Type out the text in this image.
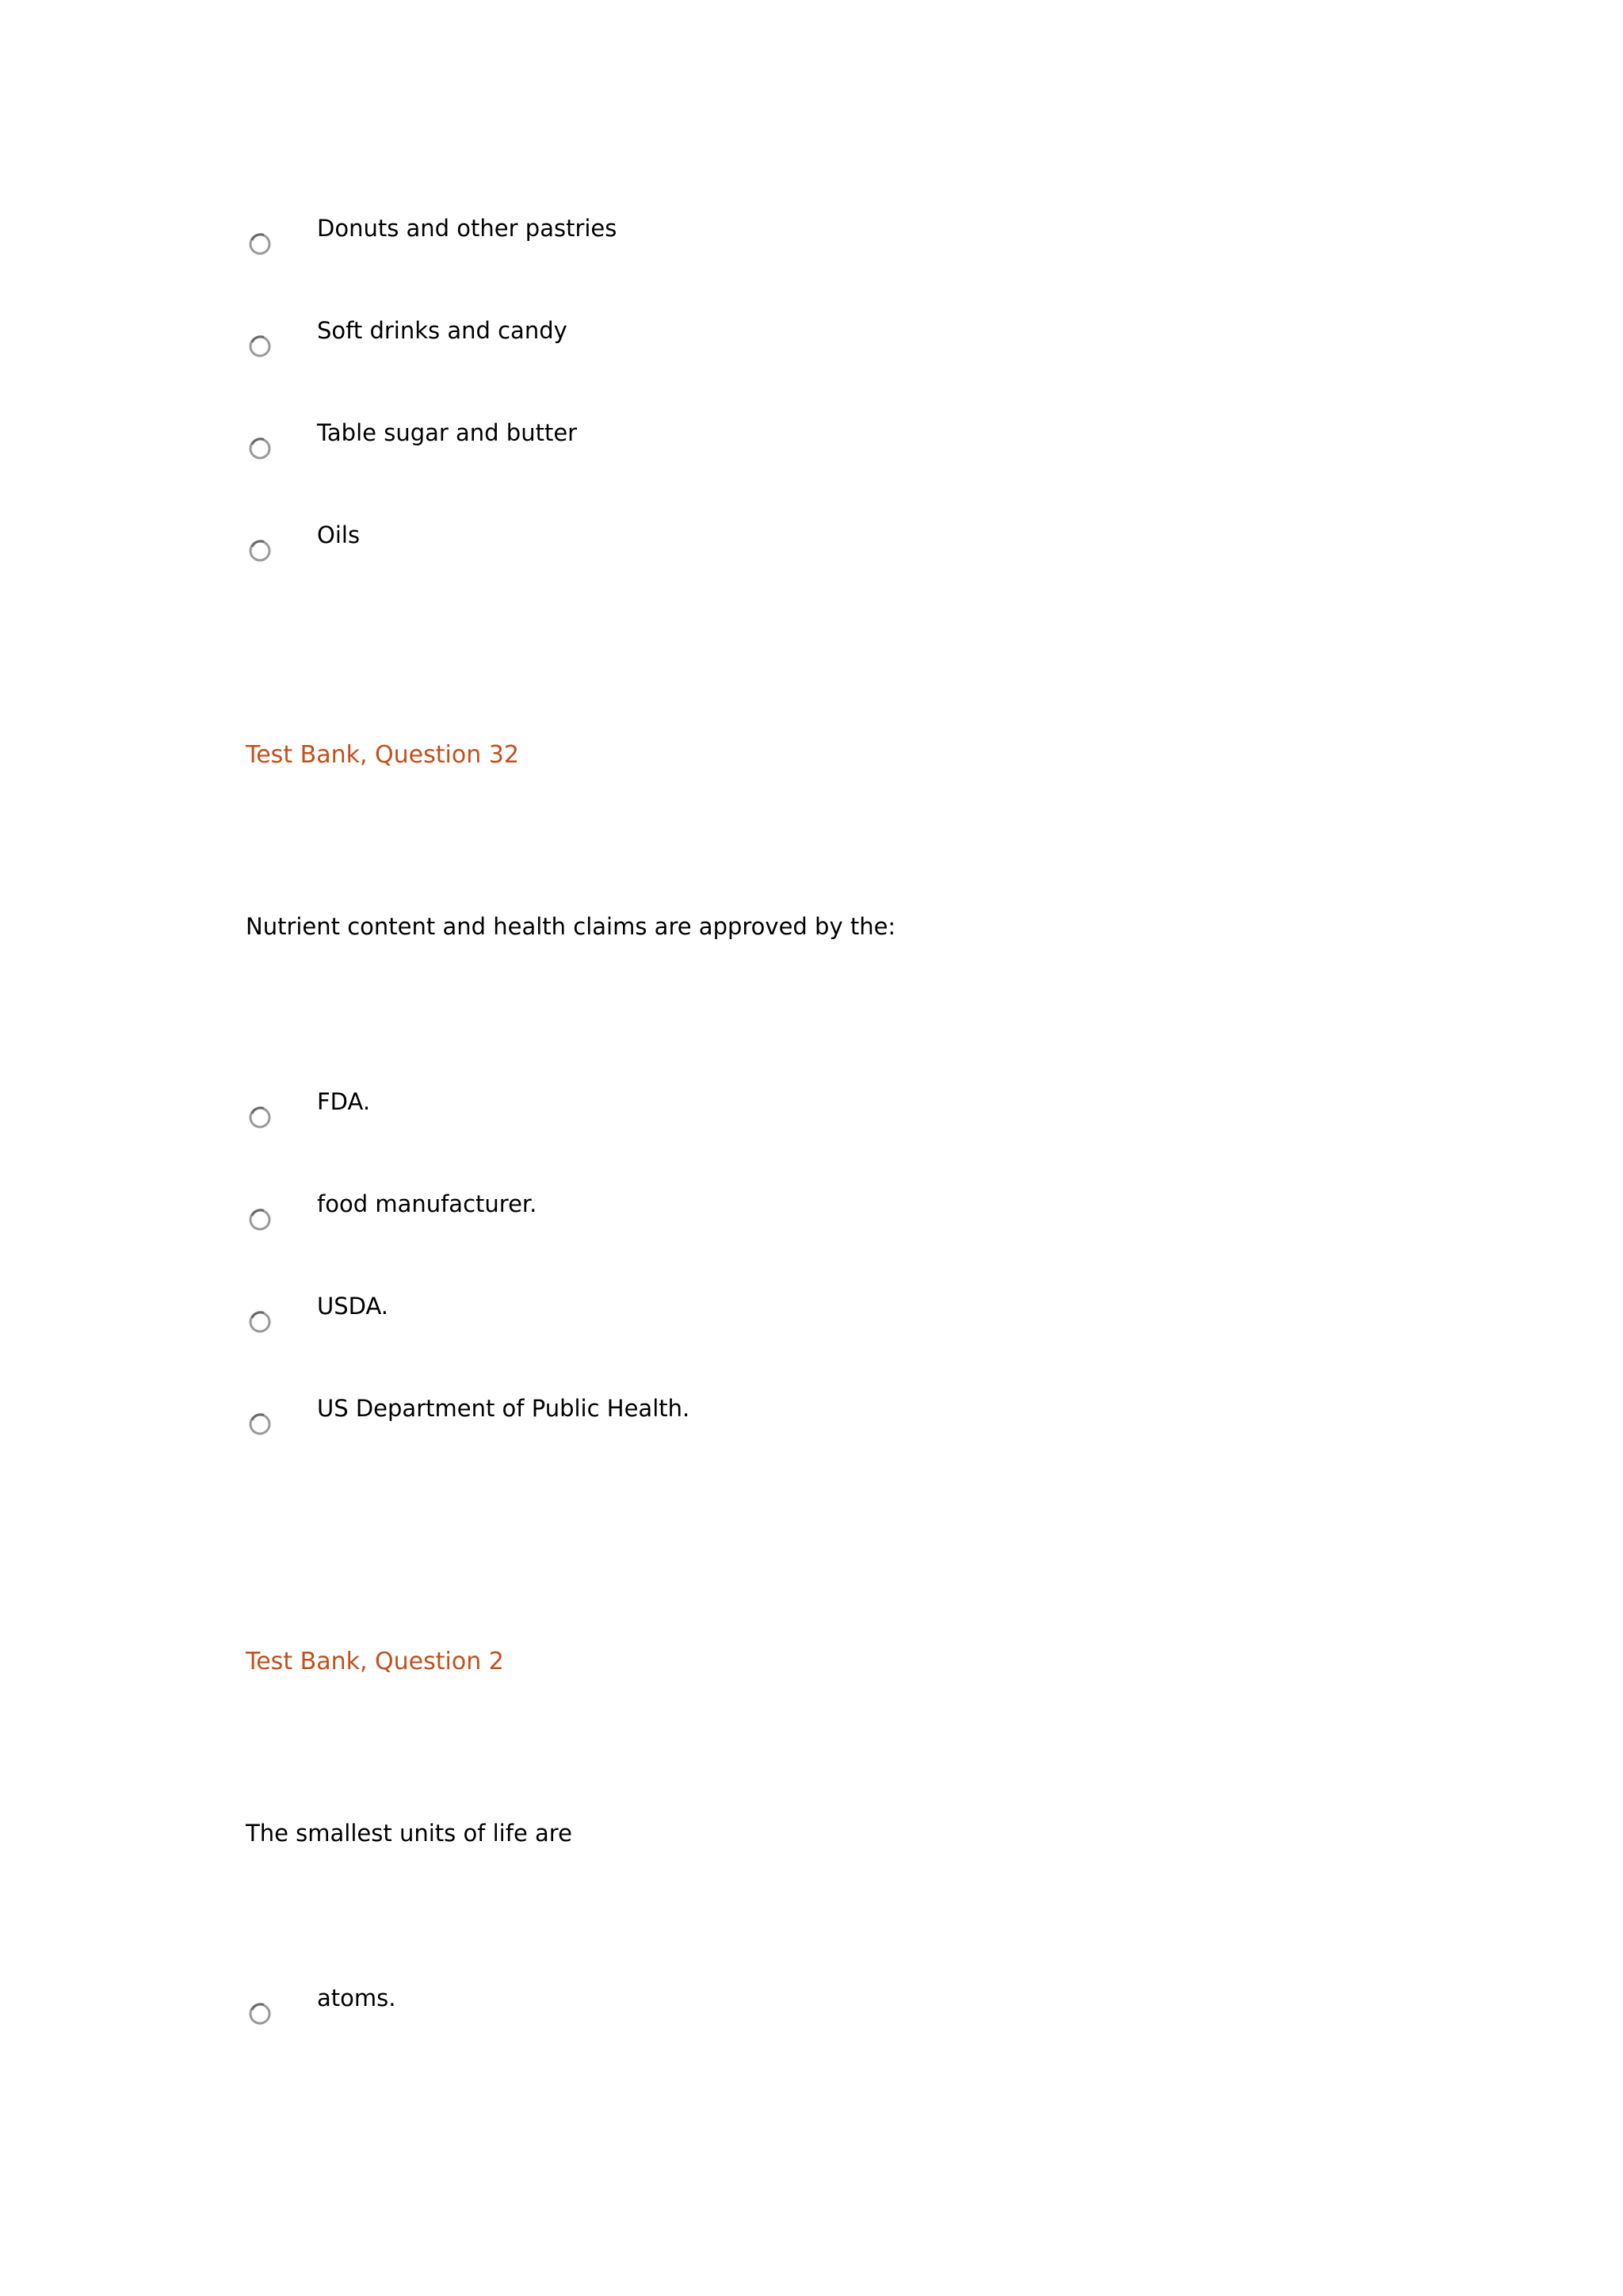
Donuts and other pastries
Soft drinks and candy
Table sugar and butter
Oils
Test Bank, Question 32
Nutrient content and health claims are approved by the:
FDA.
food manufacturer.
USDA.
US Department of Public Health.
Test Bank, Question 2
The smallest units of life are
atoms.
